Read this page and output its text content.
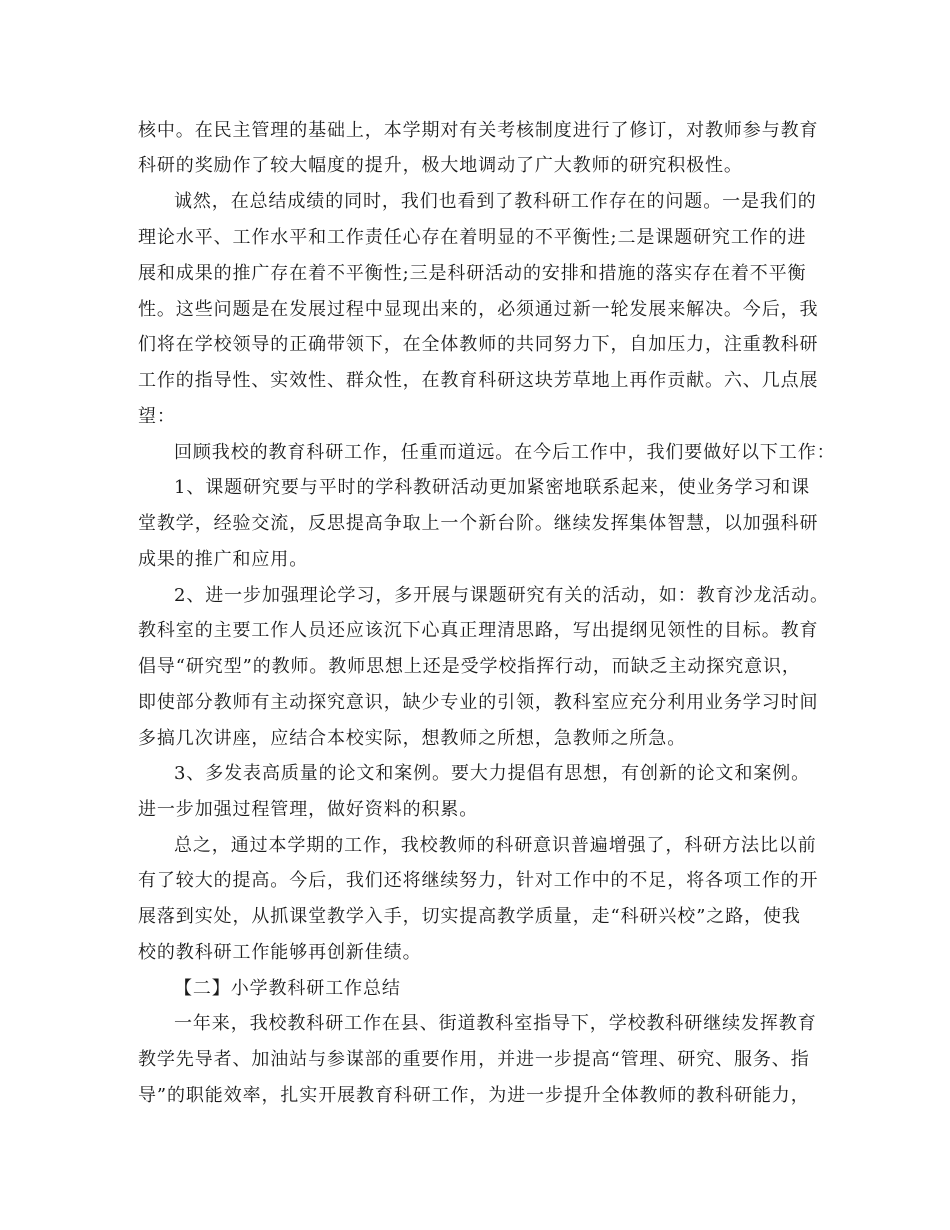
核中。在民主管理的基础上，本学期对有关考核制度进行了修订，对教师参与教育
科研的奖励作了较大幅度的提升，极大地调动了广大教师的研究积极性。
诚然，在总结成绩的同时，我们也看到了教科研工作存在的问题。一是我们的
理论水平、工作水平和工作责任心存在着明显的不平衡性;二是课题研究工作的进
展和成果的推广存在着不平衡性;三是科研活动的安排和措施的落实存在着不平衡
性。这些问题是在发展过程中显现出来的，必须通过新一轮发展来解决。今后，我
们将在学校领导的正确带领下，在全体教师的共同努力下，自加压力，注重教科研
工作的指导性、实效性、群众性，在教育科研这块芳草地上再作贡献。六、几点展
望：
回顾我校的教育科研工作，任重而道远。在今后工作中，我们要做好以下工作：
1、课题研究要与平时的学科教研活动更加紧密地联系起来，使业务学习和课
堂教学，经验交流，反思提高争取上一个新台阶。继续发挥集体智慧，以加强科研
成果的推广和应用。
2、进一步加强理论学习，多开展与课题研究有关的活动，如：教育沙龙活动。
教科室的主要工作人员还应该沉下心真正理清思路，写出提纲见领性的目标。教育
倡导“研究型”的教师。教师思想上还是受学校指挥行动，而缺乏主动探究意识，
即使部分教师有主动探究意识，缺少专业的引领，教科室应充分利用业务学习时间
多搞几次讲座，应结合本校实际，想教师之所想，急教师之所急。
3、多发表高质量的论文和案例。要大力提倡有思想，有创新的论文和案例。
进一步加强过程管理，做好资料的积累。
总之，通过本学期的工作，我校教师的科研意识普遍增强了，科研方法比以前
有了较大的提高。今后，我们还将继续努力，针对工作中的不足，将各项工作的开
展落到实处，从抓课堂教学入手，切实提高教学质量，走“科研兴校”之路，使我
校的教科研工作能够再创新佳绩。
【二】小学教科研工作总结
一年来，我校教科研工作在县、街道教科室指导下，学校教科研继续发挥教育
教学先导者、加油站与参谋部的重要作用，并进一步提高“管理、研究、服务、指
导”的职能效率，扎实开展教育科研工作，为进一步提升全体教师的教科研能力，
